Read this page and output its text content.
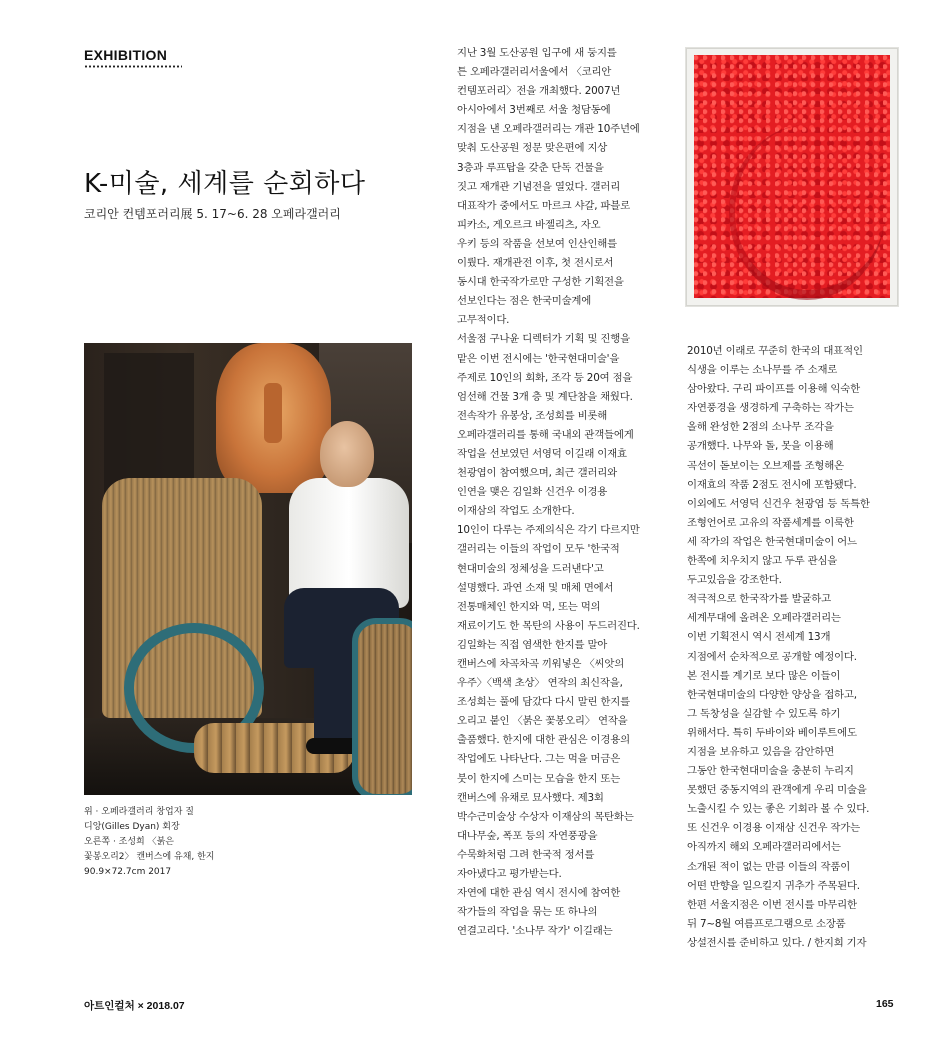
EXHIBITION
K-미술, 세계를 순회하다
코리안 컨템포러리展 5. 17~6. 28 오페라갤러리
위 · 오페라갤러리 창업자 질
디앙(Gilles Dyan) 회장
오른쪽 · 조성희 〈붉은
꽃봉오리2〉 캔버스에 유채, 한지
90.9×72.7cm 2017
지난 3월 도산공원 입구에 새 둥지를
튼 오페라갤러리서울에서 〈코리안
컨템포러리〉전을 개최했다. 2007년
아시아에서 3번째로 서울 청담동에
지점을 낸 오페라갤러리는 개관 10주년에
맞춰 도산공원 정문 맞은편에 지상
3층과 루프탑을 갖춘 단독 건물을
짓고 재개관 기념전을 열었다. 갤러리
대표작가 중에서도 마르크 샤갈, 파블로
피카소, 게오르크 바젤리츠, 자오
우키 등의 작품을 선보여 인산인해를
이뤘다. 재개관전 이후, 첫 전시로서
동시대 한국작가로만 구성한 기획전을
선보인다는 점은 한국미술계에
고무적이다.
서울점 구나윤 디렉터가 기획 및 진행을
맡은 이번 전시에는 '한국현대미술'을
주제로 10인의 회화, 조각 등 20여 점을
엄선해 건물 3개 층 및 계단참을 채웠다.
전속작가 유봉상, 조성희를 비롯해
오페라갤러리를 통해 국내외 관객들에게
작업을 선보였던 서영덕 이길래 이재효
천광엽이 참여했으며, 최근 갤러리와
인연을 맺은 김일화 신건우 이경용
이재삼의 작업도 소개한다.
10인이 다루는 주제의식은 각기 다르지만
갤러리는 이들의 작업이 모두 '한국적
현대미술의 정체성을 드러낸다'고
설명했다. 과연 소재 및 매체 면에서
전통매체인 한지와 먹, 또는 먹의
재료이기도 한 목탄의 사용이 두드러진다.
김일화는 직접 염색한 한지를 말아
캔버스에 차곡차곡 끼워넣은 〈씨앗의
우주〉〈백색 초상〉 연작의 최신작을,
조성희는 풀에 담갔다 다시 말린 한지를
오리고 붙인 〈붉은 꽃봉오리〉 연작을
출품했다. 한지에 대한 관심은 이경용의
작업에도 나타난다. 그는 먹을 머금은
붓이 한지에 스미는 모습을 한지 또는
캔버스에 유채로 묘사했다. 제3회
박수근미술상 수상자 이재삼의 목탄화는
대나무숲, 폭포 등의 자연풍광을
수묵화처럼 그려 한국적 정서를
자아냈다고 평가받는다.
자연에 대한 관심 역시 전시에 참여한
작가들의 작업을 묶는 또 하나의
연결고리다. '소나무 작가' 이길래는
2010년 이래로 꾸준히 한국의 대표적인
식생을 이루는 소나무를 주 소재로
삼아왔다. 구리 파이프를 이용해 익숙한
자연풍경을 생경하게 구축하는 작가는
올해 완성한 2점의 소나무 조각을
공개했다. 나무와 돌, 못을 이용해
곡선이 돋보이는 오브제를 조형해온
이재효의 작품 2점도 전시에 포함됐다.
이외에도 서영덕 신건우 천광엽 등 독특한
조형언어로 고유의 작품세계를 이룩한
세 작가의 작업은 한국현대미술이 어느
한쪽에 치우치지 않고 두루 관심을
두고있음을 강조한다.
적극적으로 한국작가를 발굴하고
세계무대에 올려온 오페라갤러리는
이번 기획전시 역시 전세계 13개
지점에서 순차적으로 공개할 예정이다.
본 전시를 계기로 보다 많은 이들이
한국현대미술의 다양한 양상을 접하고,
그 독창성을 실감할 수 있도록 하기
위해서다. 특히 두바이와 베이루트에도
지점을 보유하고 있음을 감안하면
그동안 한국현대미술을 충분히 누리지
못했던 중동지역의 관객에게 우리 미술을
노출시킬 수 있는 좋은 기회라 볼 수 있다.
또 신건우 이경용 이재삼 신건우 작가는
아직까지 해외 오페라갤러리에서는
소개된 적이 없는 만큼 이들의 작품이
어떤 반향을 일으킬지 귀추가 주목된다.
한편 서울지점은 이번 전시를 마무리한
뒤 7~8월 여름프로그램으로 소장품
상설전시를 준비하고 있다. / 한지희 기자
아트인컬처 × 2018.07	165
